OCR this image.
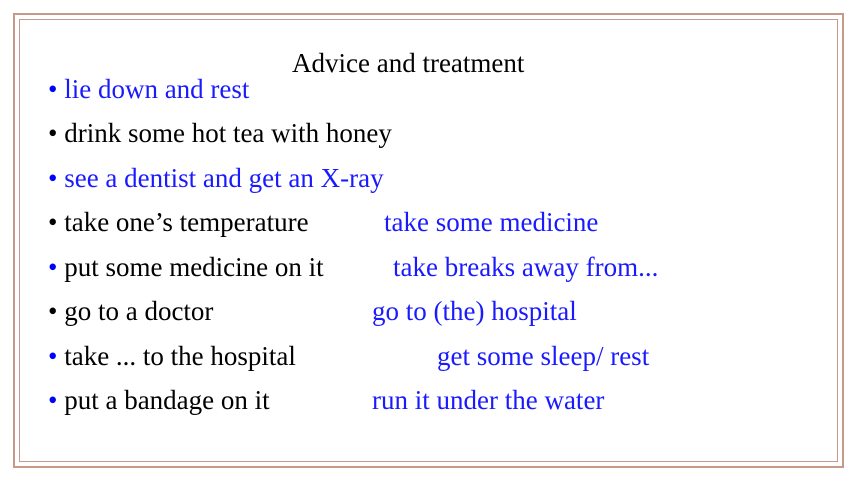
• lie down and rest
Advice and treatment
• drink some hot tea with honey
• see a dentist and get an X-ray
• take one’s temperature	take some medicine
• put some medicine on it	take breaks away from...
• go to a doctor	go to (the) hospital
• take ... to the hospital	get some sleep/ rest
• put a bandage on it	run it under the water
